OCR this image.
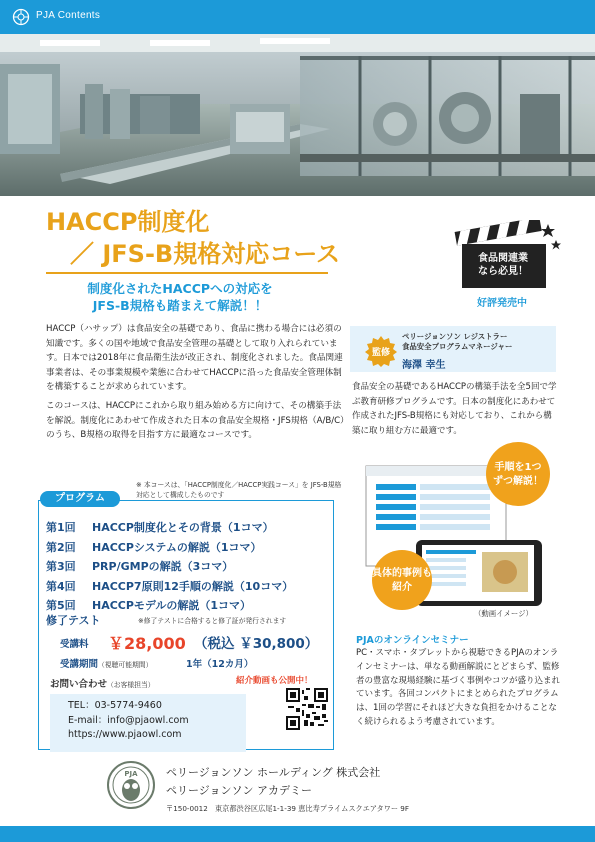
PJA Contents
HACCP制度化
／ JFS-B規格対応コース	食品関連業
なら必見！
好評発売中
制度化されたHACCPへの対応を
JFS-B規格も踏まえて解説！！

HACCP（ハサップ）は食品安全の基礎であり、食品に携わる場合には必須の知識です。多くの国や地域で食品安全管理の基礎として取り入れられています。日本では2018年に食品衛生法が改正され、制度化されました。食品関連事業者は、その事業規模や業態に合わせてHACCPに沿った食品安全管理体制を構築することが求められています。

このコースは、HACCPにこれから取り組み始める方に向けて、その構築手法を解説。制度化にあわせて作成された日本の食品安全規格・JFS規格（A/B/C）のうち、B規格の取得を目指す方に最適なコースです。

※ 本コースは、「HACCP制度化／HACCP実践コース」を JFS-B規格対応として構成したものです
プログラム
第1回 HACCP制度化とその背景（1コマ）
第2回 HACCPシステムの解説（1コマ）
第3回 PRP/GMPの解説（3コマ）
第4回 HACCP7原則12手順の解説（10コマ）
第5回 HACCPモデルの解説（1コマ）
修了テスト	※修了テストに合格すると修了証が発行されます
受講料 ￥28,000 （税込 ￥30,800）
受講期間（視聴可能期間）	1年（12カ月）
お問い合わせ（お客様担当）
TEL：03-5774-9460
E-mail：info@pjaowl.com
https://www.pjaowl.com
紹介動画も公開中！
監修
ペリージョンソン レジストラー
食品安全プログラムマネージャー
海澤 幸生
食品安全の基礎であるHACCPの構築手法を全5回で学ぶ教育研修プログラムです。日本の制度化にあわせて作成されたJFS-B規格にも対応しており、これから構築に取り組む方に最適です。
手順を1つ
ずつ解説！
具体的事例も
紹介
（動画イメージ）
PJAのオンラインセミナー
PC・スマホ・タブレットから視聴できるPJAのオンラインセミナーは、単なる動画解説にとどまらず、監修者の豊富な現場経験に基づく事例やコツが盛り込まれています。各回コンパクトにまとめられたプログラムは、1回の学習にそれほど大きな負担をかけることなく続けられるよう考慮されています。
PJA	ペリージョンソン ホールディング 株式会社
ペリージョンソン アカデミー
〒150-0012　東京都渋谷区広尾1-1-39 恵比寿プライムスクエアタワー 9F
